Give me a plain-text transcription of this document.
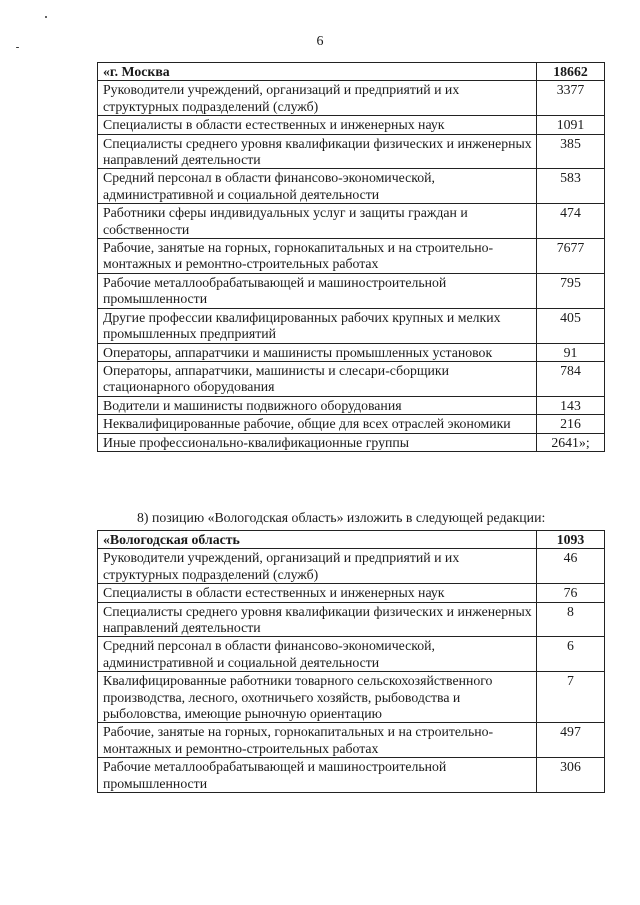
6
«г. Москва	18662
Руководители учреждений, организаций и предприятий и их структурных подразделений (служб)	3377
Специалисты в области естественных и инженерных наук	1091
Специалисты среднего уровня квалификации физических и инженерных направлений деятельности	385
Средний персонал в области финансово-экономической, административной и социальной деятельности	583
Работники сферы индивидуальных услуг и защиты граждан и собственности	474
Рабочие, занятые на горных, горнокапитальных и на строительно-монтажных и ремонтно-строительных работах	7677
Рабочие металлообрабатывающей и машиностроительной промышленности	795
Другие профессии квалифицированных рабочих крупных и мелких промышленных предприятий	405
Операторы, аппаратчики и машинисты промышленных установок	91
Операторы, аппаратчики, машинисты и слесари-сборщики стационарного оборудования	784
Водители и машинисты подвижного оборудования	143
Неквалифицированные рабочие, общие для всех отраслей экономики	216
Иные профессионально-квалификационные группы	2641»;
8) позицию «Вологодская область» изложить в следующей редакции:
«Вологодская область	1093
Руководители учреждений, организаций и предприятий и их структурных подразделений (служб)	46
Специалисты в области естественных и инженерных наук	76
Специалисты среднего уровня квалификации физических и инженерных направлений деятельности	8
Средний персонал в области финансово-экономической, административной и социальной деятельности	6
Квалифицированные работники товарного сельскохозяйственного производства, лесного, охотничьего хозяйств, рыбоводства и рыболовства, имеющие рыночную ориентацию	7
Рабочие, занятые на горных, горнокапитальных и на строительно-монтажных и ремонтно-строительных работах	497
Рабочие металлообрабатывающей и машиностроительной промышленности	306
